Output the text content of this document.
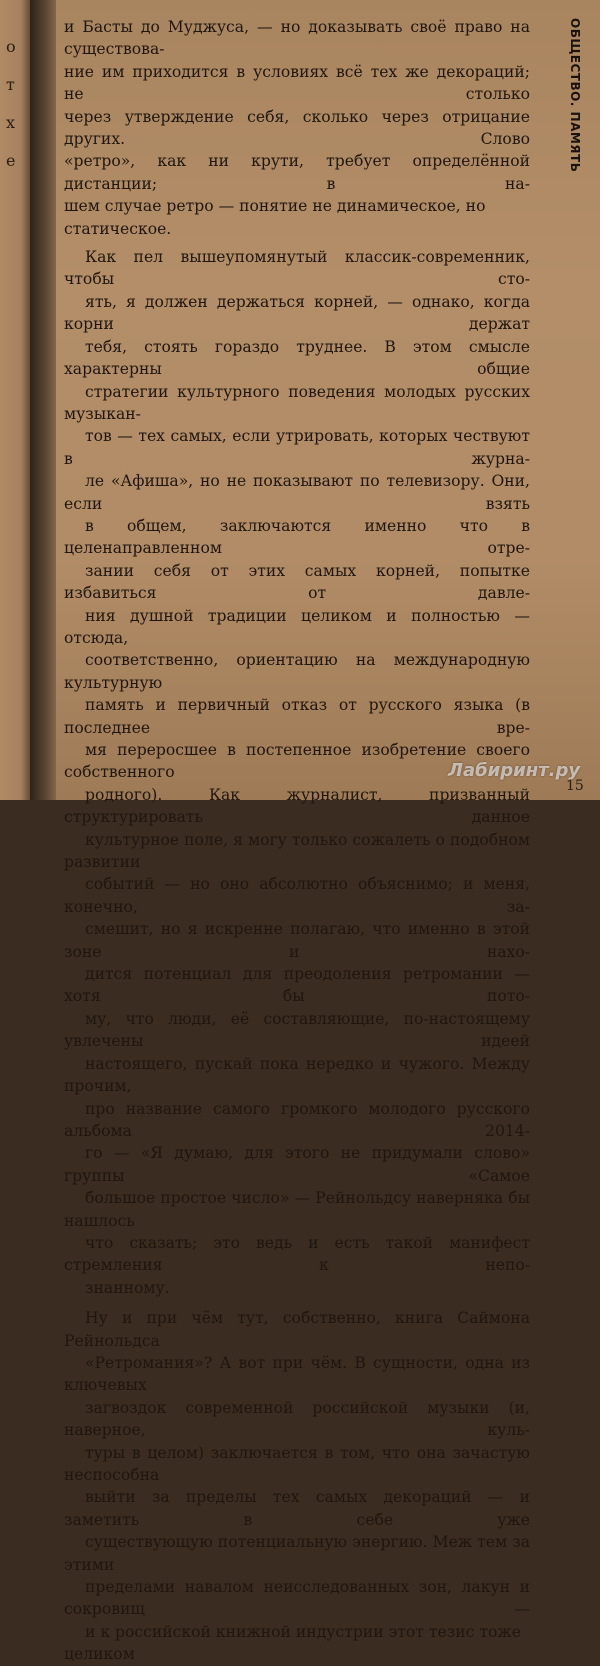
о
т
х
е	ОБЩЕСТВО. ПАМЯТЬ

и Басты до Муджуса, — но доказывать своё право на существова-
ние им приходится в условиях всё тех же декораций; не столько
через утверждение себя, сколько через отрицание других. Слово
«ретро», как ни крути, требует определённой дистанции; в на-
шем случае ретро — понятие не динамическое, но статическое.

Как пел вышеупомянутый классик-современник, чтобы сто-
ять, я должен держаться корней, — однако, когда корни держат
тебя, стоять гораздо труднее. В этом смысле характерны общие
стратегии культурного поведения молодых русских музыкан-
тов — тех самых, если утрировать, которых чествуют в журна-
ле «Афиша», но не показывают по телевизору. Они, если взять
в общем, заключаются именно что в целенаправленном отре-
зании себя от этих самых корней, попытке избавиться от давле-
ния душной традиции целиком и полностью — отсюда,
соответственно, ориентацию на международную культурную
память и первичный отказ от русского языка (в последнее вре-
мя переросшее в постепенное изобретение своего собственного
родного). Как журналист, призванный структурировать данное
культурное поле, я могу только сожалеть о подобном развитии
событий — но оно абсолютно объяснимо; и меня, конечно, за-
смешит, но я искренне полагаю, что именно в этой зоне и нахо-
дится потенциал для преодоления ретромании — хотя бы пото-
му, что люди, её составляющие, по-настоящему увлечены идеей
настоящего, пускай пока нередко и чужого. Между прочим,
про название самого громкого молодого русского альбома 2014-
го — «Я думаю, для этого не придумали слово» группы «Самое
большое простое число» — Рейнольдсу наверняка бы нашлось
что сказать; это ведь и есть такой манифест стремления к непо-
знанному.

Ну и при чём тут, собственно, книга Саймона Рейнольдса
«Ретромания»? А вот при чём. В сущности, одна из ключевых
загвоздок современной российской музыки (и, наверное, куль-
туры в целом) заключается в том, что она зачастую неспособна
выйти за пределы тех самых декораций — и заметить в себе уже
существующую потенциальную энергию. Меж тем за этими
пределами навалом неисследованных зон, лакун и сокровищ —
и к российской книжной индустрии этот тезис тоже целиком

Лабиринт.ру
15
